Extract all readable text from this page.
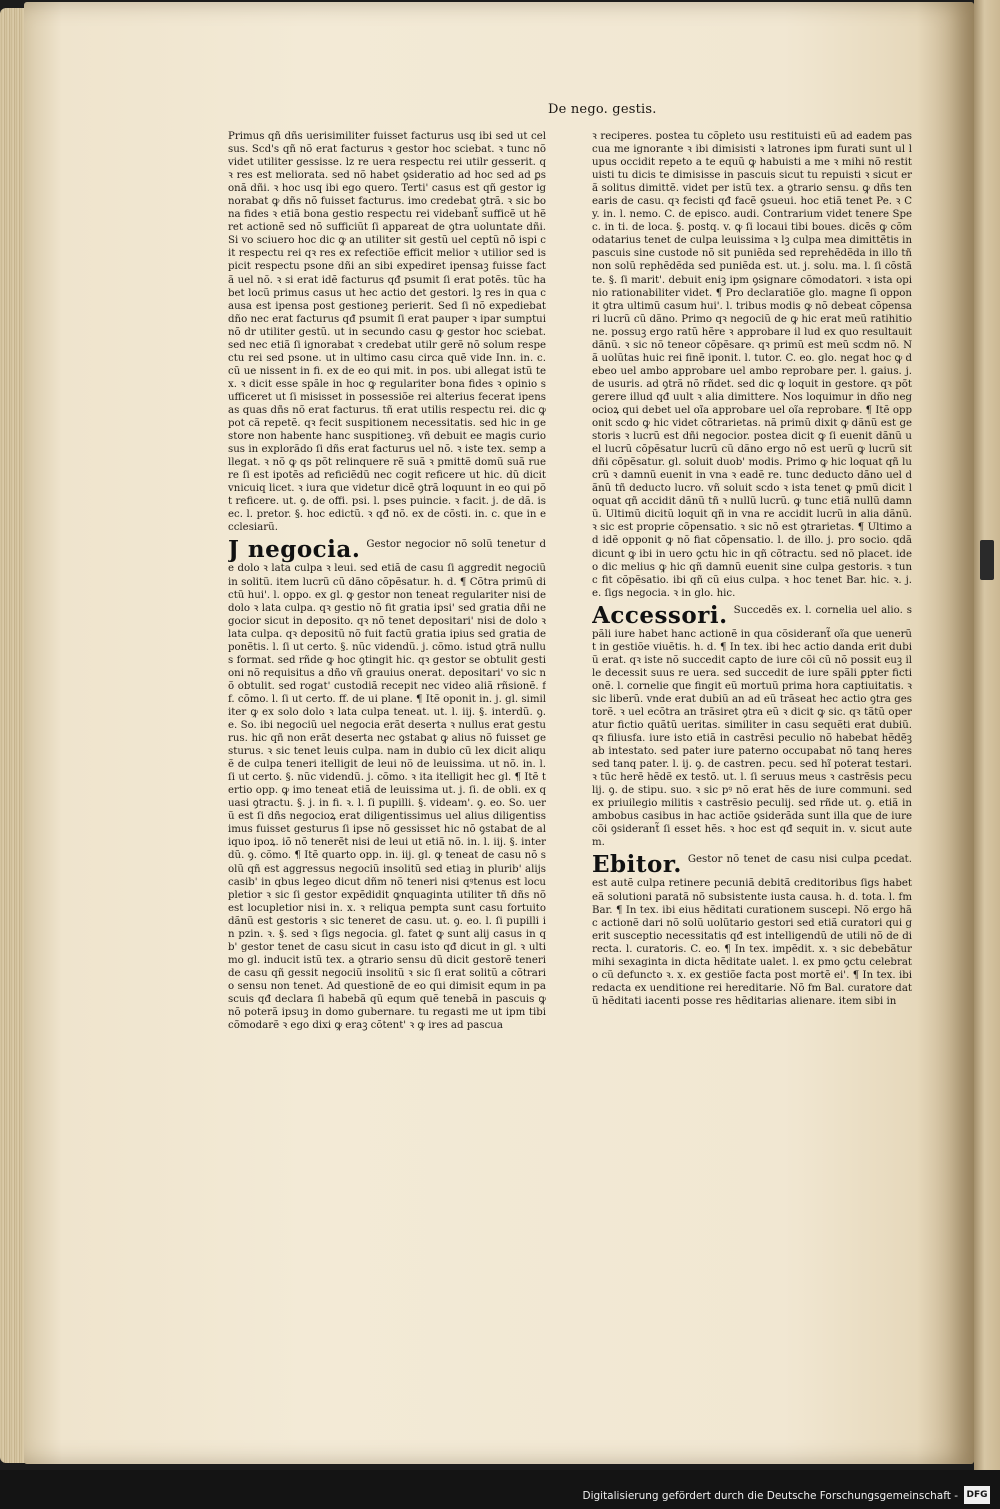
De nego. gestis.

Primus qñ dñs uerisimiliter fuisset facturus usq ibi sed ut celsus. Scd's qñ nõ erat facturus ꝛ gestor hoc sciebat. ꝛ tunc nõ videt utiliter gessisse. lz re uera respectu rei utilr gesserit. qꝛ res est meliorata. sed nõ habet ꝯsideratio ad hoc sed ad ꝑsonã dñi. ꝛ hoc usq ibi ego quero. Terti' casus est qñ gestor ignorabat ꝙ dñs nõ fuisset facturus. imo credebat ꝯtrã. ꝛ sic bona fides ꝛ etiã bona gestio respectu rei videbant̃ sufficẽ ut hẽret actionẽ sed nõ sufficiũt ſi appareat de ꝯtra uoluntate dñi. Si vo sciuero hoc dic ꝙ an utiliter sit gestũ uel ceptũ nõ ispi cit respectu rei qꝛ res ex refectiõe efficit melior ꝛ utilior sed ispicit respectu psone dñi an sibi expediret ipensaꝫ fuisse factã uel nõ. ꝛ si erat idẽ facturus qđ psumit ſi erat potẽs. tũc habet locũ primus casus ut hec actio det gestori. lꝫ res in qua causa est ipensa post gestioneꝫ perierit. Sed ſi nõ expediebat dño nec erat facturus qđ psumit ſi erat pauper ꝛ ipar sumptui nõ dr utiliter gestũ. ut in secundo casu ꝙ gestor hoc sciebat. sed nec etiã ſi ignorabat ꝛ credebat utilr gerẽ nõ solum respectu rei sed psone. ut in ultimo casu circa quẽ vide Inn. in. c. cũ ue nissent in fi. ex de eo qui mit. in pos. ubi allegat istũ tex. ꝛ dicit esse spãle in hoc ꝙ regulariter bona fides ꝛ opinio sufficeret ut ſi misisset in possessiõe rei alterius fecerat ipensas quas dñs nõ erat facturus. tñ erat utilis respectu rei. dic ꝙ pot cã repetẽ. qꝛ fecit suspitionem necessitatis. sed hic in gestore non habente hanc suspitioneꝫ. vñ debuit ee magis curiosus in explorãdo ſi dñs erat facturus uel nõ. ꝛ iste tex. semp allegat. ꝛ nõ ꝙ qs põt relinquere rẽ suã ꝛ pmittẽ domũ suã ruere ſi est ipotẽs ad reficiẽdũ nec cogit reficere ut hic. dũ dicit vnicuiq licet. ꝛ iura que videtur dicẽ ꝯtrã loquunt in eo qui põt reficere. ut. ꝯ. de offi. psi. l. pses puincie. ꝛ facit. j. de dã. isec. l. pretor. §. hoc edictũ. ꝛ qđ nõ. ex de cõsti. in. c. que in ecclesiarũ.

J negocia. Gestor negocior nõ solũ tenetur de dolo ꝛ lata culpa ꝛ leui. sed etiã de casu ſi aggredit negociũ in solitũ. item lucrũ cũ dãno cõpẽsatur. h. d. ¶ Cõtra primũ dictũ hui'. l. oppo. ex gl. ꝙ gestor non teneat regulariter nisi de dolo ꝛ lata culpa. qꝛ gestio nõ fit gratia ipsi' sed gratia dñi negocior sicut in deposito. qꝛ nõ tenet depositari' nisi de dolo ꝛ lata culpa. qꝛ depositũ nõ fuit factũ gratia ipius sed gratia deponẽtis. l. ſi ut certo. §. nũc videndũ. j. cõmo. istud ꝯtrã nullus format. sed rñde ꝙ hoc ꝯtingit hic. qꝛ gestor se obtulit gestioni nõ requisitus a dño vñ grauius onerat. depositari' vo sic nõ obtulit. sed rogat' custodiã recepit nec video aliã rñsionẽ. ff. cõmo. l. ſi ut certo. ff. de ui plane. ¶ Itẽ oponit in. j. gl. similiter ꝙ ex solo dolo ꝛ lata culpa teneat. ut. l. iij. §. interdũ. ꝯ. e. So. ibi negociũ uel negocia erãt deserta ꝛ nullus erat gesturus. hic qñ non erãt deserta nec ꝯstabat ꝙ alius nõ fuisset gesturus. ꝛ sic tenet leuis culpa. nam in dubio cũ lex dicit aliquẽ de culpa teneri itelligit de leui nõ de leuissima. ut nõ. in. l. ſi ut certo. §. nũc videndũ. j. cõmo. ꝛ ita itelligit hec gl. ¶ Itẽ tertio opp. ꝙ imo teneat etiã de leuissima ut. j. ſi. de obli. ex quasi ꝯtractu. §. j. in fi. ꝛ. l. ſi pupilli. §. videam'. ꝯ. eo. So. uerũ est ſi dñs negocioꝝ erat diligentissimus uel alius diligentissimus fuisset gesturus ſi ipse nõ gessisset hic nõ ꝯstabat de aliquo ipoꝝ. iõ nõ tenerẽt nisi de leui ut etiã nõ. in. l. iij. §. interdũ. ꝯ. cõmo. ¶ Itẽ quarto opp. in. iij. gl. ꝙ teneat de casu nõ solũ qñ est aggressus negociũ insolitũ sed etiaꝫ in plurib' alijs casib' in qbus legeo dicut dñm nõ teneri nisi qꝰtenus est locupletior ꝛ sic ſi gestor expẽdidit ꝙnquaginta utiliter tñ dñs nõ est locupletior nisi in. x. ꝛ reliqua pempta sunt casu fortuito dãnũ est gestoris ꝛ sic teneret de casu. ut. ꝯ. eo. l. ſi pupilli in pzin. ꝛ. §. sed ꝛ ſigs negocia. gl. fatet ꝙ sunt alij casus in qb' gestor tenet de casu sicut in casu isto qđ dicut in gl. ꝛ ultimo gl. inducit istũ tex. a ꝯtrario sensu dũ dicit gestorẽ teneri de casu qñ gessit negociũ insolitũ ꝛ sic ſi erat solitũ a cõtrario sensu non tenet. Ad questionẽ de eo qui dimisit equm in pascuis qđ declara ſi habebã qũ equm quẽ tenebã in pascuis ꝙ nõ poterã ipsuꝫ in domo gubernare. tu regasti me ut ipm tibi cõmodarẽ ꝛ ego dixi ꝙ eraꝫ cõtent' ꝛ ꝙ ires ad pascua

ꝛ reciperes. postea tu cõpleto usu restituisti eũ ad eadem pascua me ignorante ꝛ ibi dimisisti ꝛ latrones ipm furati sunt ul lupus occidit repeto a te equũ ꝙ habuisti a me ꝛ mihi nõ restituisti tu dicis te dimisisse in pascuis sicut tu repuisti ꝛ sicut erã solitus dimittẽ. videt per istũ tex. a ꝯtrario sensu. ꝙ dñs tenearis de casu. qꝛ fecisti qđ facẽ ꝯsueui. hoc etiã tenet Pe. ꝛ Cy. in. l. nemo. C. de episco. audi. Contrarium videt tenere Spec. in ti. de loca. §. postq. v. ꝙ ſi locaui tibi boues. dicẽs ꝙ cõmodatarius tenet de culpa leuissima ꝛ lꝫ culpa mea dimittẽtis in pascuis sine custode nõ sit puniẽda sed reprehẽdẽda in illo tñ non solũ rephẽdẽda sed puniẽda est. ut. j. solu. ma. l. ſi cõstãte. §. ſi marit'. debuit eniꝫ ipm ꝯsignare cõmodatori. ꝛ ista opinio rationabiliter videt. ¶ Pro declaratiõe glo. magne ſi opponit ꝯtra ultimũ casum hui'. l. tribus modis ꝙ nõ debeat cõpensari lucrũ cũ dãno. Primo qꝛ negociũ de ꝙ hic erat meũ ratihitione. possuꝫ ergo ratũ hẽre ꝛ approbare il lud ex quo resultauit dãnũ. ꝛ sic nõ teneor cõpẽsare. qꝛ primũ est meũ scdm nõ. Nã uolũtas huic rei finẽ iponit. l. tutor. C. eo. glo. negat hoc ꝙ debeo uel ambo approbare uel ambo reprobare per. l. gaius. j. de usuris. ad ꝯtrã nõ rñdet. sed dic ꝙ loquit in gestore. qꝛ põt gerere illud qđ uult ꝛ alia dimittere. Nos loquimur in dño negocioꝝ qui debet uel oĩa approbare uel oĩa reprobare. ¶ Itẽ opponit scdo ꝙ hic videt cõtrarietas. nã primũ dixit ꝙ dãnũ est gestoris ꝛ lucrũ est dñi negocior. postea dicit ꝙ ſi euenit dãnũ uel lucrũ cõpẽsatur lucrũ cũ dãno ergo nõ est uerũ ꝙ lucrũ sit dñi cõpẽsatur. gl. soluit duob' modis. Primo ꝙ hic loquat qñ lucrũ ꝛ damnũ euenit in vna ꝛ eadẽ re. tunc deducto dãno uel dãnũ tñ deducto lucro. vñ soluit scdo ꝛ ista tenet ꝙ pmũ dicit loquat qñ accidit dãnũ tñ ꝛ nullũ lucrũ. ꝙ tunc etiã nullũ damnũ. Ultimũ dicitũ loquit qñ in vna re accidit lucrũ in alia dãnũ. ꝛ sic est proprie cõpensatio. ꝛ sic nõ est ꝯtrarietas. ¶ Ultimo ad idẽ opponit ꝙ nõ fiat cõpensatio. l. de illo. j. pro socio. qdã dicunt ꝙ ibi in uero ꝯctu hic in qñ cõtractu. sed nõ placet. ideo dic melius ꝙ hic qñ damnũ euenit sine culpa gestoris. ꝛ tunc fit cõpẽsatio. ibi qñ cũ eius culpa. ꝛ hoc tenet Bar. hic. ꝛ. j. e. ſigs negocia. ꝛ in glo. hic.

Accessori. Succedẽs ex. l. cornelia uel alio. spãli iure habet hanc actionẽ in qua cõsiderant̃ oĩa que uenerũt in gestiõe viuẽtis. h. d. ¶ In tex. ibi hec actio danda erit dubiũ erat. qꝛ iste nõ succedit capto de iure cõi cũ nõ possit euꝫ ille decessit suus re uera. sed succedit de iure spãli ꝑpter fictionẽ. l. cornelie que fingit eũ mortuũ prima hora captiuitatis. ꝛ sic liberũ. vnde erat dubiũ an ad eũ trãseat hec actio ꝯtra gestorẽ. ꝛ uel ecõtra an trãsiret ꝯtra eũ ꝛ dicit ꝙ sic. qꝛ tãtũ operatur fictio quãtũ ueritas. similiter in casu sequẽti erat dubiũ. qꝛ filiusfa. iure isto etiã in castrẽsi peculio nõ habebat hẽdẽꝫ ab intestato. sed pater iure paterno occupabat nõ tanq heres sed tanq pater. l. ij. ꝯ. de castren. pecu. sed hĩ poterat testari. ꝛ tũc herẽ hẽdẽ ex testõ. ut. l. ſi seruus meus ꝛ castrẽsis peculij. ꝯ. de stipu. suo. ꝛ sic pꝰ nõ erat hẽs de iure communi. sed ex priuilegio militis ꝛ castrẽsio peculij. sed rñde ut. ꝯ. etiã in ambobus casibus in hac actiõe ꝯsiderãda sunt illa que de iure cõi ꝯsiderant̃ ſi esset hẽs. ꝛ hoc est qđ sequit in. v. sicut autem.
Ebitor. Gestor nõ tenet de casu nisi culpa ꝑcedat. est autẽ culpa retinere pecuniã debitã creditoribus ſigs habet eã solutioni paratã nõ subsistente iusta causa. h. d. tota. l. fm Bar. ¶ In tex. ibi eius hẽditati curationem suscepi. Nõ ergo hãc actionẽ dari nõ solũ uolũtario gestori sed etiã curatori qui gerit susceptio necessitatis qđ est intelligendũ de utili nõ de directa. l. curatoris. C. eo. ¶ In tex. impẽdit. x. ꝛ sic debebãtur mihi sexaginta in dicta hẽditate ualet. l. ex pmo ꝯctu celebrato cũ defuncto ꝛ. x. ex gestiõe facta post mortẽ ei'. ¶ In tex. ibi redacta ex uenditione rei hereditarie. Nõ fm Bal. curatore datũ hẽditati iacenti posse res hẽditarias alienare. item sibi in
Digitalisierung gefördert durch die Deutsche Forschungsgemeinschaft - DFG
